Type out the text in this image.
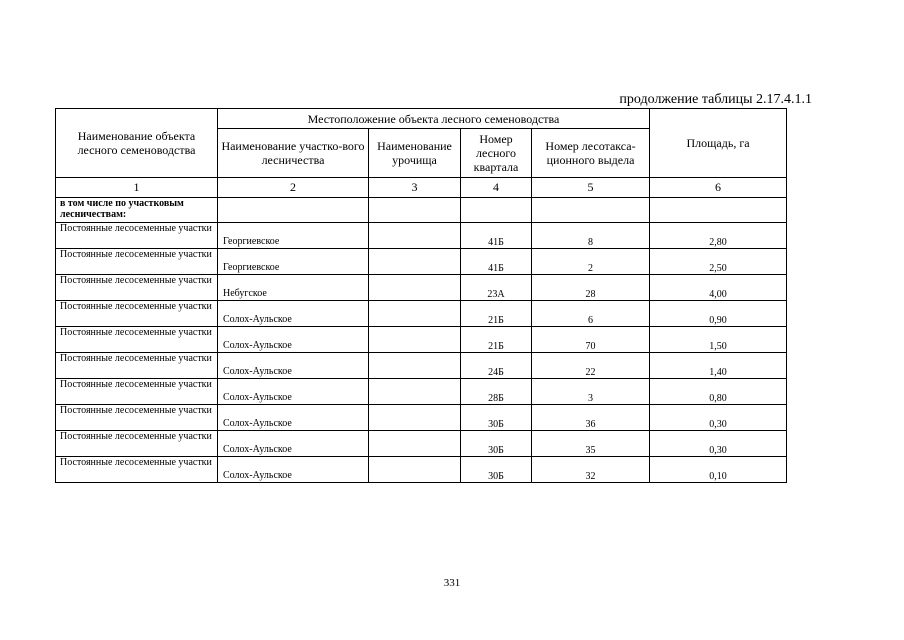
продолжение таблицы 2.17.4.1.1
Наименование объекта лесного семеноводства	Местоположение объекта лесного семеноводства				Площадь, га
	Наименование участко-вого лесничества	Наименование урочища	Номер лесного квартала	Номер лесотакса-ционного выдела	
1	2	3	4	5	6
в том числе по участковым лесничествам:					
Постоянные лесосеменные участки	Георгиевское		41Б	8	2,80
Постоянные лесосеменные участки	Георгиевское		41Б	2	2,50
Постоянные лесосеменные участки	Небугское		23А	28	4,00
Постоянные лесосеменные участки	Солох-Аульское		21Б	6	0,90
Постоянные лесосеменные участки	Солох-Аульское		21Б	70	1,50
Постоянные лесосеменные участки	Солох-Аульское		24Б	22	1,40
Постоянные лесосеменные участки	Солох-Аульское		28Б	3	0,80
Постоянные лесосеменные участки	Солох-Аульское		30Б	36	0,30
Постоянные лесосеменные участки	Солох-Аульское		30Б	35	0,30
Постоянные лесосеменные участки	Солох-Аульское		30Б	32	0,10
331
